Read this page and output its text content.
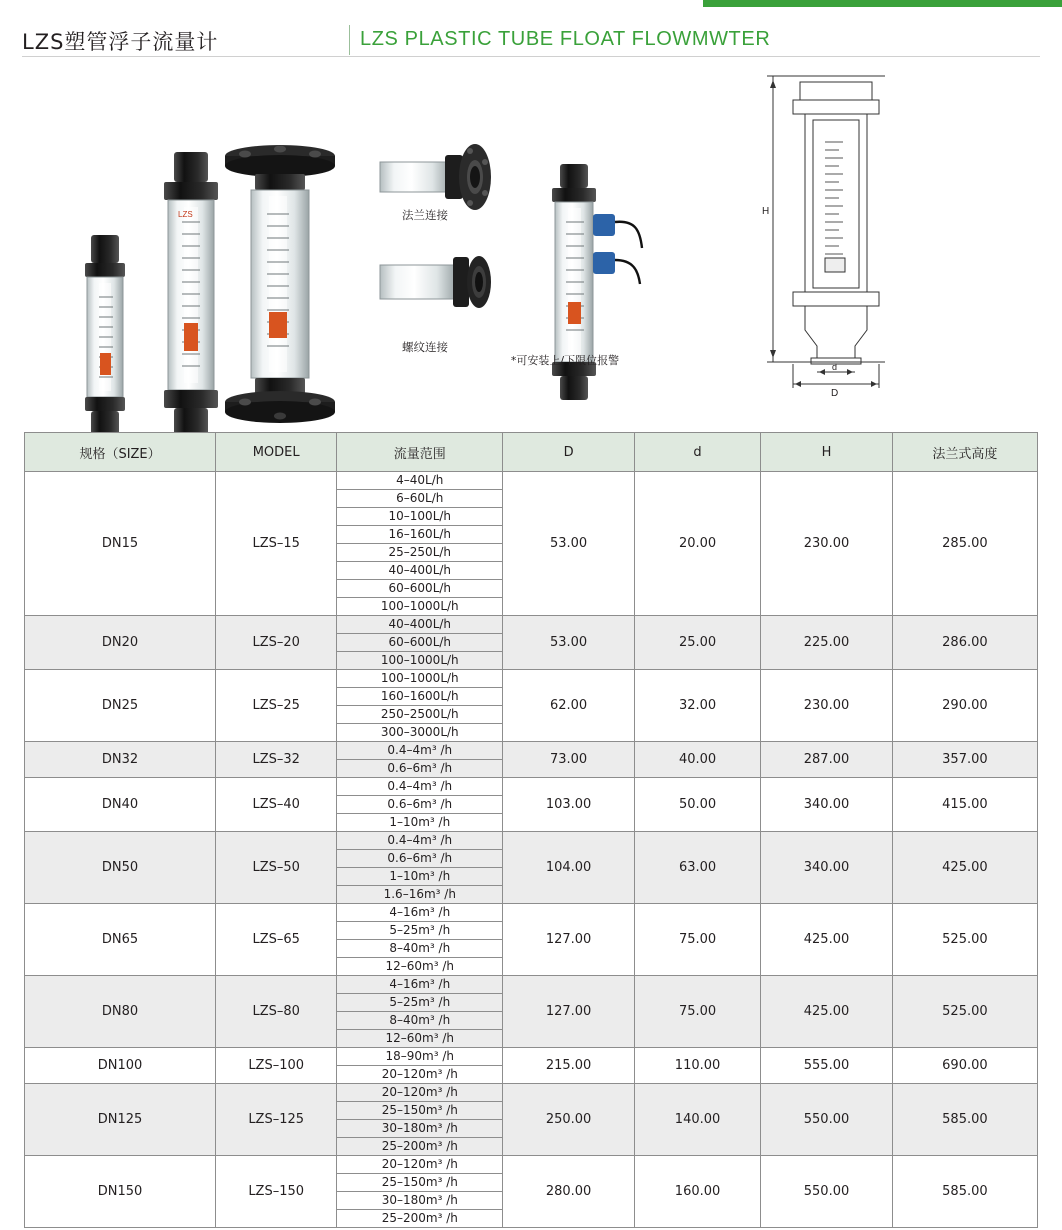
LZS塑管浮子流量计	LZS PLASTIC TUBE FLOAT FLOWMWTER
LZS	法兰连接
螺纹连接
*可安装上/下限位报警
H
d
D
规格（SIZE）	MODEL	流量范围	D	d	H	法兰式高度
DN15	LZS–15	4–40L/h	53.00	20.00	230.00	285.00
		6–60L/h				
		10–100L/h				
		16–160L/h				
		25–250L/h				
		40–400L/h				
		60–600L/h				
		100–1000L/h				
DN20	LZS–20	40–400L/h	53.00	25.00	225.00	286.00
		60–600L/h				
		100–1000L/h				
DN25	LZS–25	100–1000L/h	62.00	32.00	230.00	290.00
		160–1600L/h				
		250–2500L/h				
		300–3000L/h				
DN32	LZS–32	0.4–4m³ /h	73.00	40.00	287.00	357.00
		0.6–6m³ /h				
DN40	LZS–40	0.4–4m³ /h	103.00	50.00	340.00	415.00
		0.6–6m³ /h				
		1–10m³ /h				
DN50	LZS–50	0.4–4m³ /h	104.00	63.00	340.00	425.00
		0.6–6m³ /h				
		1–10m³ /h				
		1.6–16m³ /h				
DN65	LZS–65	4–16m³ /h	127.00	75.00	425.00	525.00
		5–25m³ /h				
		8–40m³ /h				
		12–60m³ /h				
DN80	LZS–80	4–16m³ /h	127.00	75.00	425.00	525.00
		5–25m³ /h				
		8–40m³ /h				
		12–60m³ /h				
DN100	LZS–100	18–90m³ /h	215.00	110.00	555.00	690.00
		20–120m³ /h				
DN125	LZS–125	20–120m³ /h	250.00	140.00	550.00	585.00
		25–150m³ /h				
		30–180m³ /h				
		25–200m³ /h				
DN150	LZS–150	20–120m³ /h	280.00	160.00	550.00	585.00
		25–150m³ /h				
		30–180m³ /h				
		25–200m³ /h				
